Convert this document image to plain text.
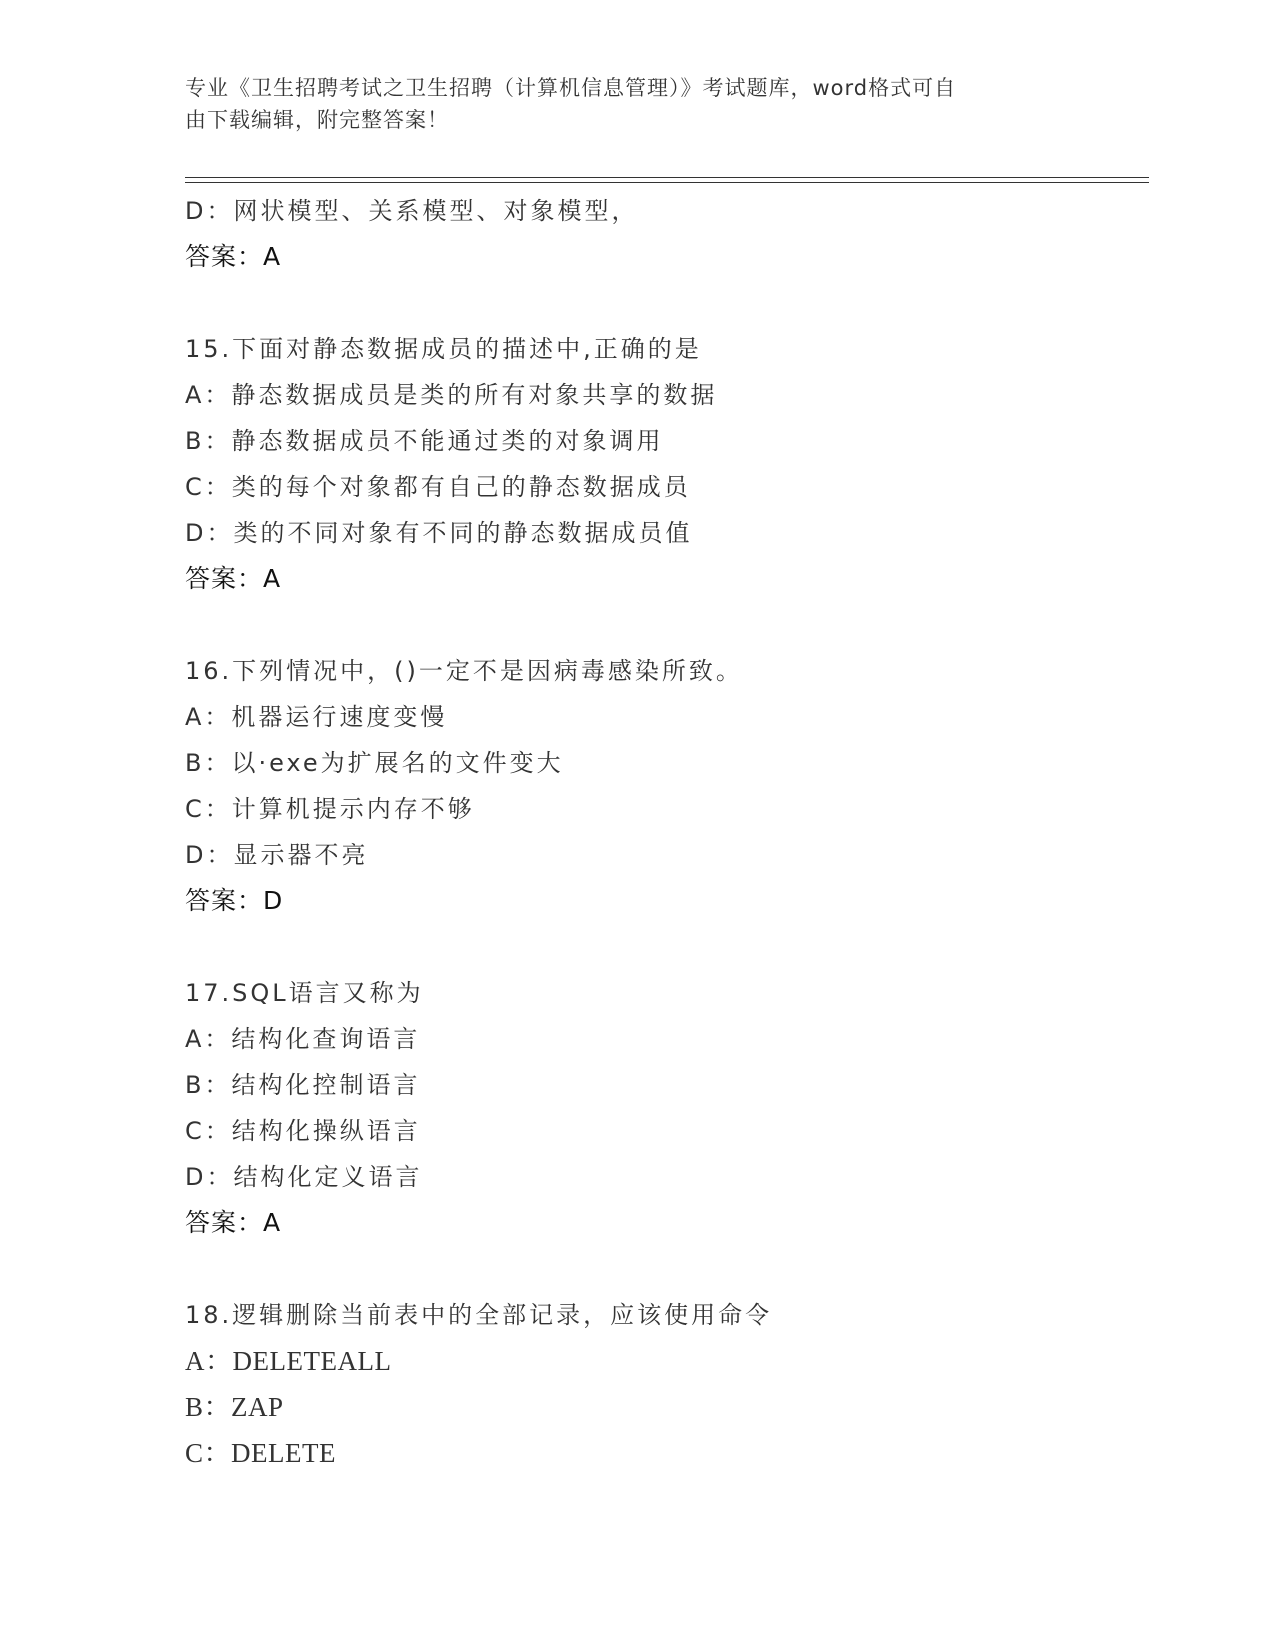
专业《卫生招聘考试之卫生招聘（计算机信息管理）》考试题库，word格式可自
由下载编辑，附完整答案！
D：网状模型、关系模型、对象模型，
答案：A
15.下面对静态数据成员的描述中,正确的是
A：静态数据成员是类的所有对象共享的数据
B：静态数据成员不能通过类的对象调用
C：类的每个对象都有自己的静态数据成员
D：类的不同对象有不同的静态数据成员值
答案：A
16.下列情况中，()一定不是因病毒感染所致。
A：机器运行速度变慢
B：以·exe为扩展名的文件变大
C：计算机提示内存不够
D：显示器不亮
答案：D
17.SQL语言又称为
A：结构化查询语言
B：结构化控制语言
C：结构化操纵语言
D：结构化定义语言
答案：A
18.逻辑删除当前表中的全部记录，应该使用命令
A：DELETEALL
B：ZAP
C：DELETE
